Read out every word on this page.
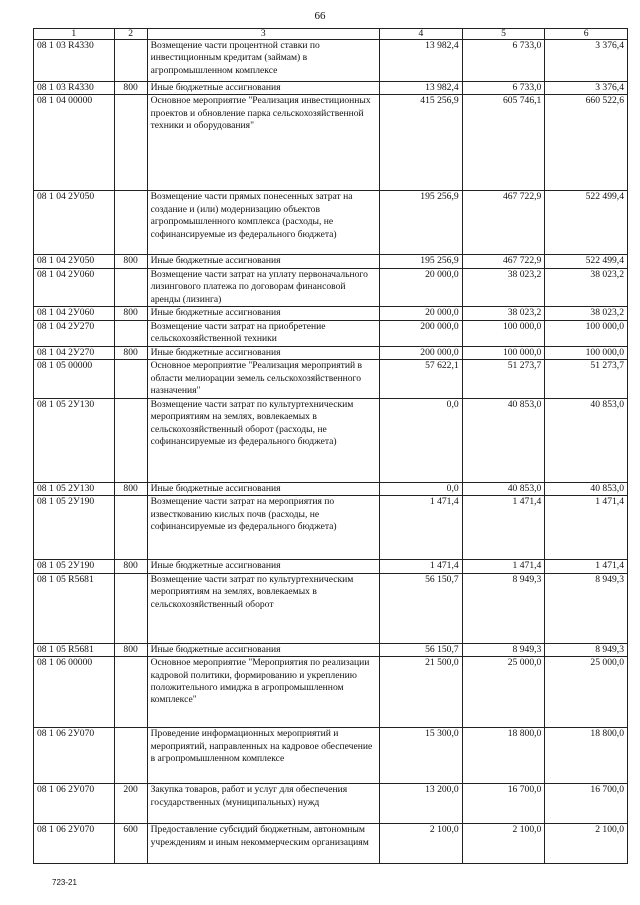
66
1	2	3	4	5	6
08 1 03 R4330		Возмещение части процентной ставки по инвестиционным кредитам (займам) в агропромышленном комплексе	13 982,4	6 733,0	3 376,4
08 1 03 R4330	800	Иные бюджетные ассигнования	13 982,4	6 733,0	3 376,4
08 1 04 00000		Основное мероприятие "Реализация инвестиционных проектов и обновление парка сельскохозяйственной техники и оборудования"	415 256,9	605 746,1	660 522,6
08 1 04 2У050		Возмещение части прямых понесенных затрат на создание и (или) модернизацию объектов агропромышленного комплекса (расходы, не софинансируемые из федерального бюджета)	195 256,9	467 722,9	522 499,4
08 1 04 2У050	800	Иные бюджетные ассигнования	195 256,9	467 722,9	522 499,4
08 1 04 2У060		Возмещение части затрат на уплату первоначального лизингового платежа по договорам финансовой аренды (лизинга)	20 000,0	38 023,2	38 023,2
08 1 04 2У060	800	Иные бюджетные ассигнования	20 000,0	38 023,2	38 023,2
08 1 04 2У270		Возмещение части затрат на приобретение сельскохозяйственной техники	200 000,0	100 000,0	100 000,0
08 1 04 2У270	800	Иные бюджетные ассигнования	200 000,0	100 000,0	100 000,0
08 1 05 00000		Основное мероприятие "Реализация мероприятий в области мелиорации земель сельскохозяйственного назначения"	57 622,1	51 273,7	51 273,7
08 1 05 2У130		Возмещение части затрат по культуртехническим мероприятиям на землях, вовлекаемых в сельскохозяйственный оборот (расходы, не софинансируемые из федерального бюджета)	0,0	40 853,0	40 853,0
08 1 05 2У130	800	Иные бюджетные ассигнования	0,0	40 853,0	40 853,0
08 1 05 2У190		Возмещение части затрат на мероприятия по известкованию кислых почв (расходы, не софинансируемые из федерального бюджета)	1 471,4	1 471,4	1 471,4
08 1 05 2У190	800	Иные бюджетные ассигнования	1 471,4	1 471,4	1 471,4
08 1 05 R5681		Возмещение части затрат по культуртехническим мероприятиям на землях, вовлекаемых в сельскохозяйственный оборот	56 150,7	8 949,3	8 949,3
08 1 05 R5681	800	Иные бюджетные ассигнования	56 150,7	8 949,3	8 949,3
08 1 06 00000		Основное мероприятие "Мероприятия по реализации кадровой политики, формированию и укреплению положительного имиджа в агропромышленном комплексе"	21 500,0	25 000,0	25 000,0
08 1 06 2У070		Проведение информационных мероприятий и мероприятий, направленных на кадровое обеспечение в агропромышленном комплексе	15 300,0	18 800,0	18 800,0
08 1 06 2У070	200	Закупка товаров, работ и услуг для обеспечения государственных (муниципальных) нужд	13 200,0	16 700,0	16 700,0
08 1 06 2У070	600	Предоставление субсидий бюджетным, автономным учреждениям и иным некоммерческим организациям	2 100,0	2 100,0	2 100,0
723-21
